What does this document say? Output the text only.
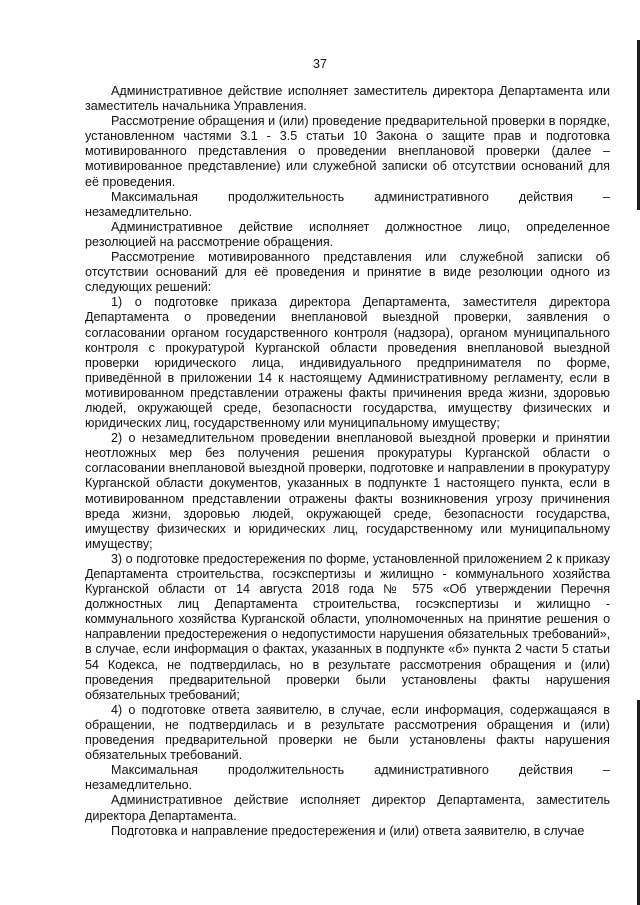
37

Административное действие исполняет заместитель директора Департамента или заместитель начальника Управления.

Рассмотрение обращения и (или) проведение предварительной проверки в порядке, установленном частями 3.1 - 3.5 статьи 10 Закона о защите прав и подготовка мотивированного представления о проведении внеплановой проверки (далее – мотивированное представление) или служебной записки об отсутствии оснований для её проведения.

Максимальная продолжительность административного действия – незамедлительно.

Административное действие исполняет должностное лицо, определенное резолюцией на рассмотрение обращения.

Рассмотрение мотивированного представления или служебной записки об отсутствии оснований для её проведения и принятие в виде резолюции одного из следующих решений:

1) о подготовке приказа директора Департамента, заместителя директора Департамента о проведении внеплановой выездной проверки, заявления о согласовании органом государственного контроля (надзора), органом муниципального контроля с прокуратурой Курганской области проведения внеплановой выездной проверки юридического лица, индивидуального предпринимателя по форме, приведённой в приложении 14 к настоящему Административному регламенту, если в мотивированном представлении отражены факты причинения вреда жизни, здоровью людей, окружающей среде, безопасности государства, имуществу физических и юридических лиц, государственному или муниципальному имуществу;

2) о незамедлительном проведении внеплановой выездной проверки и принятии неотложных мер без получения решения прокуратуры Курганской области о согласовании внеплановой выездной проверки, подготовке и направлении в прокуратуру Курганской области документов, указанных в подпункте 1 настоящего пункта, если в мотивированном представлении отражены факты возникновения угрозу причинения вреда жизни, здоровью людей, окружающей среде, безопасности государства, имуществу физических и юридических лиц, государственному или муниципальному имуществу;

3) о подготовке предостережения по форме, установленной приложением 2 к приказу Департамента строительства, госэкспертизы и жилищно - коммунального хозяйства Курганской области от 14 августа 2018 года № 575 «Об утверждении Перечня должностных лиц Департамента строительства, госэкспертизы и жилищно - коммунального хозяйства Курганской области, уполномоченных на принятие решения о направлении предостережения о недопустимости нарушения обязательных требований», в случае, если информация о фактах, указанных в подпункте «б» пункта 2 части 5 статьи 54 Кодекса, не подтвердилась, но в результате рассмотрения обращения и (или) проведения предварительной проверки были установлены факты нарушения обязательных требований;

4) о подготовке ответа заявителю, в случае, если информация, содержащаяся в обращении, не подтвердилась и в результате рассмотрения обращения и (или) проведения предварительной проверки не были установлены факты нарушения обязательных требований.

Максимальная продолжительность административного действия – незамедлительно.

Административное действие исполняет директор Департамента, заместитель директора Департамента.

Подготовка и направление предостережения и (или) ответа заявителю, в случае
